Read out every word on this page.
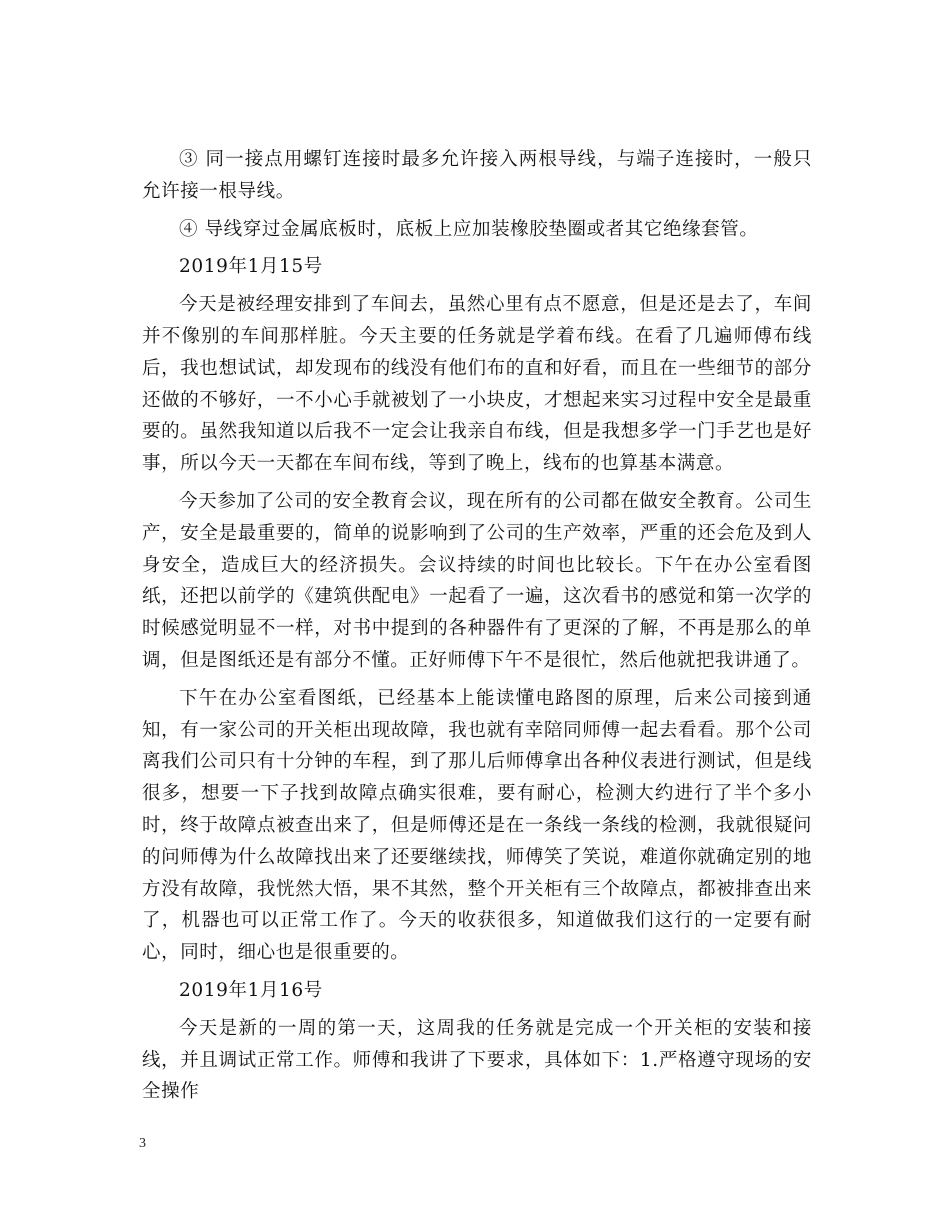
③ 同一接点用螺钉连接时最多允许接入两根导线，与端子连接时，一般只允许接一根导线。

④ 导线穿过金属底板时，底板上应加装橡胶垫圈或者其它绝缘套管。

2019年1月15号

今天是被经理安排到了车间去，虽然心里有点不愿意，但是还是去了，车间并不像别的车间那样脏。今天主要的任务就是学着布线。在看了几遍师傅布线后，我也想试试，却发现布的线没有他们布的直和好看，而且在一些细节的部分还做的不够好，一不小心手就被划了一小块皮，才想起来实习过程中安全是最重要的。虽然我知道以后我不一定会让我亲自布线，但是我想多学一门手艺也是好事，所以今天一天都在车间布线，等到了晚上，线布的也算基本满意。

今天参加了公司的安全教育会议，现在所有的公司都在做安全教育。公司生产，安全是最重要的，简单的说影响到了公司的生产效率，严重的还会危及到人身安全，造成巨大的经济损失。会议持续的时间也比较长。下午在办公室看图纸，还把以前学的《建筑供配电》一起看了一遍，这次看书的感觉和第一次学的时候感觉明显不一样，对书中提到的各种器件有了更深的了解，不再是那么的单调，但是图纸还是有部分不懂。正好师傅下午不是很忙，然后他就把我讲通了。

下午在办公室看图纸，已经基本上能读懂电路图的原理，后来公司接到通知，有一家公司的开关柜出现故障，我也就有幸陪同师傅一起去看看。那个公司离我们公司只有十分钟的车程，到了那儿后师傅拿出各种仪表进行测试，但是线很多，想要一下子找到故障点确实很难，要有耐心，检测大约进行了半个多小时，终于故障点被查出来了，但是师傅还是在一条线一条线的检测，我就很疑问的问师傅为什么故障找出来了还要继续找，师傅笑了笑说，难道你就确定别的地方没有故障，我恍然大悟，果不其然，整个开关柜有三个故障点，都被排查出来了，机器也可以正常工作了。今天的收获很多，知道做我们这行的一定要有耐心，同时，细心也是很重要的。

2019年1月16号

今天是新的一周的第一天，这周我的任务就是完成一个开关柜的安装和接线，并且调试正常工作。师傅和我讲了下要求，具体如下：1.严格遵守现场的安全操作

3
